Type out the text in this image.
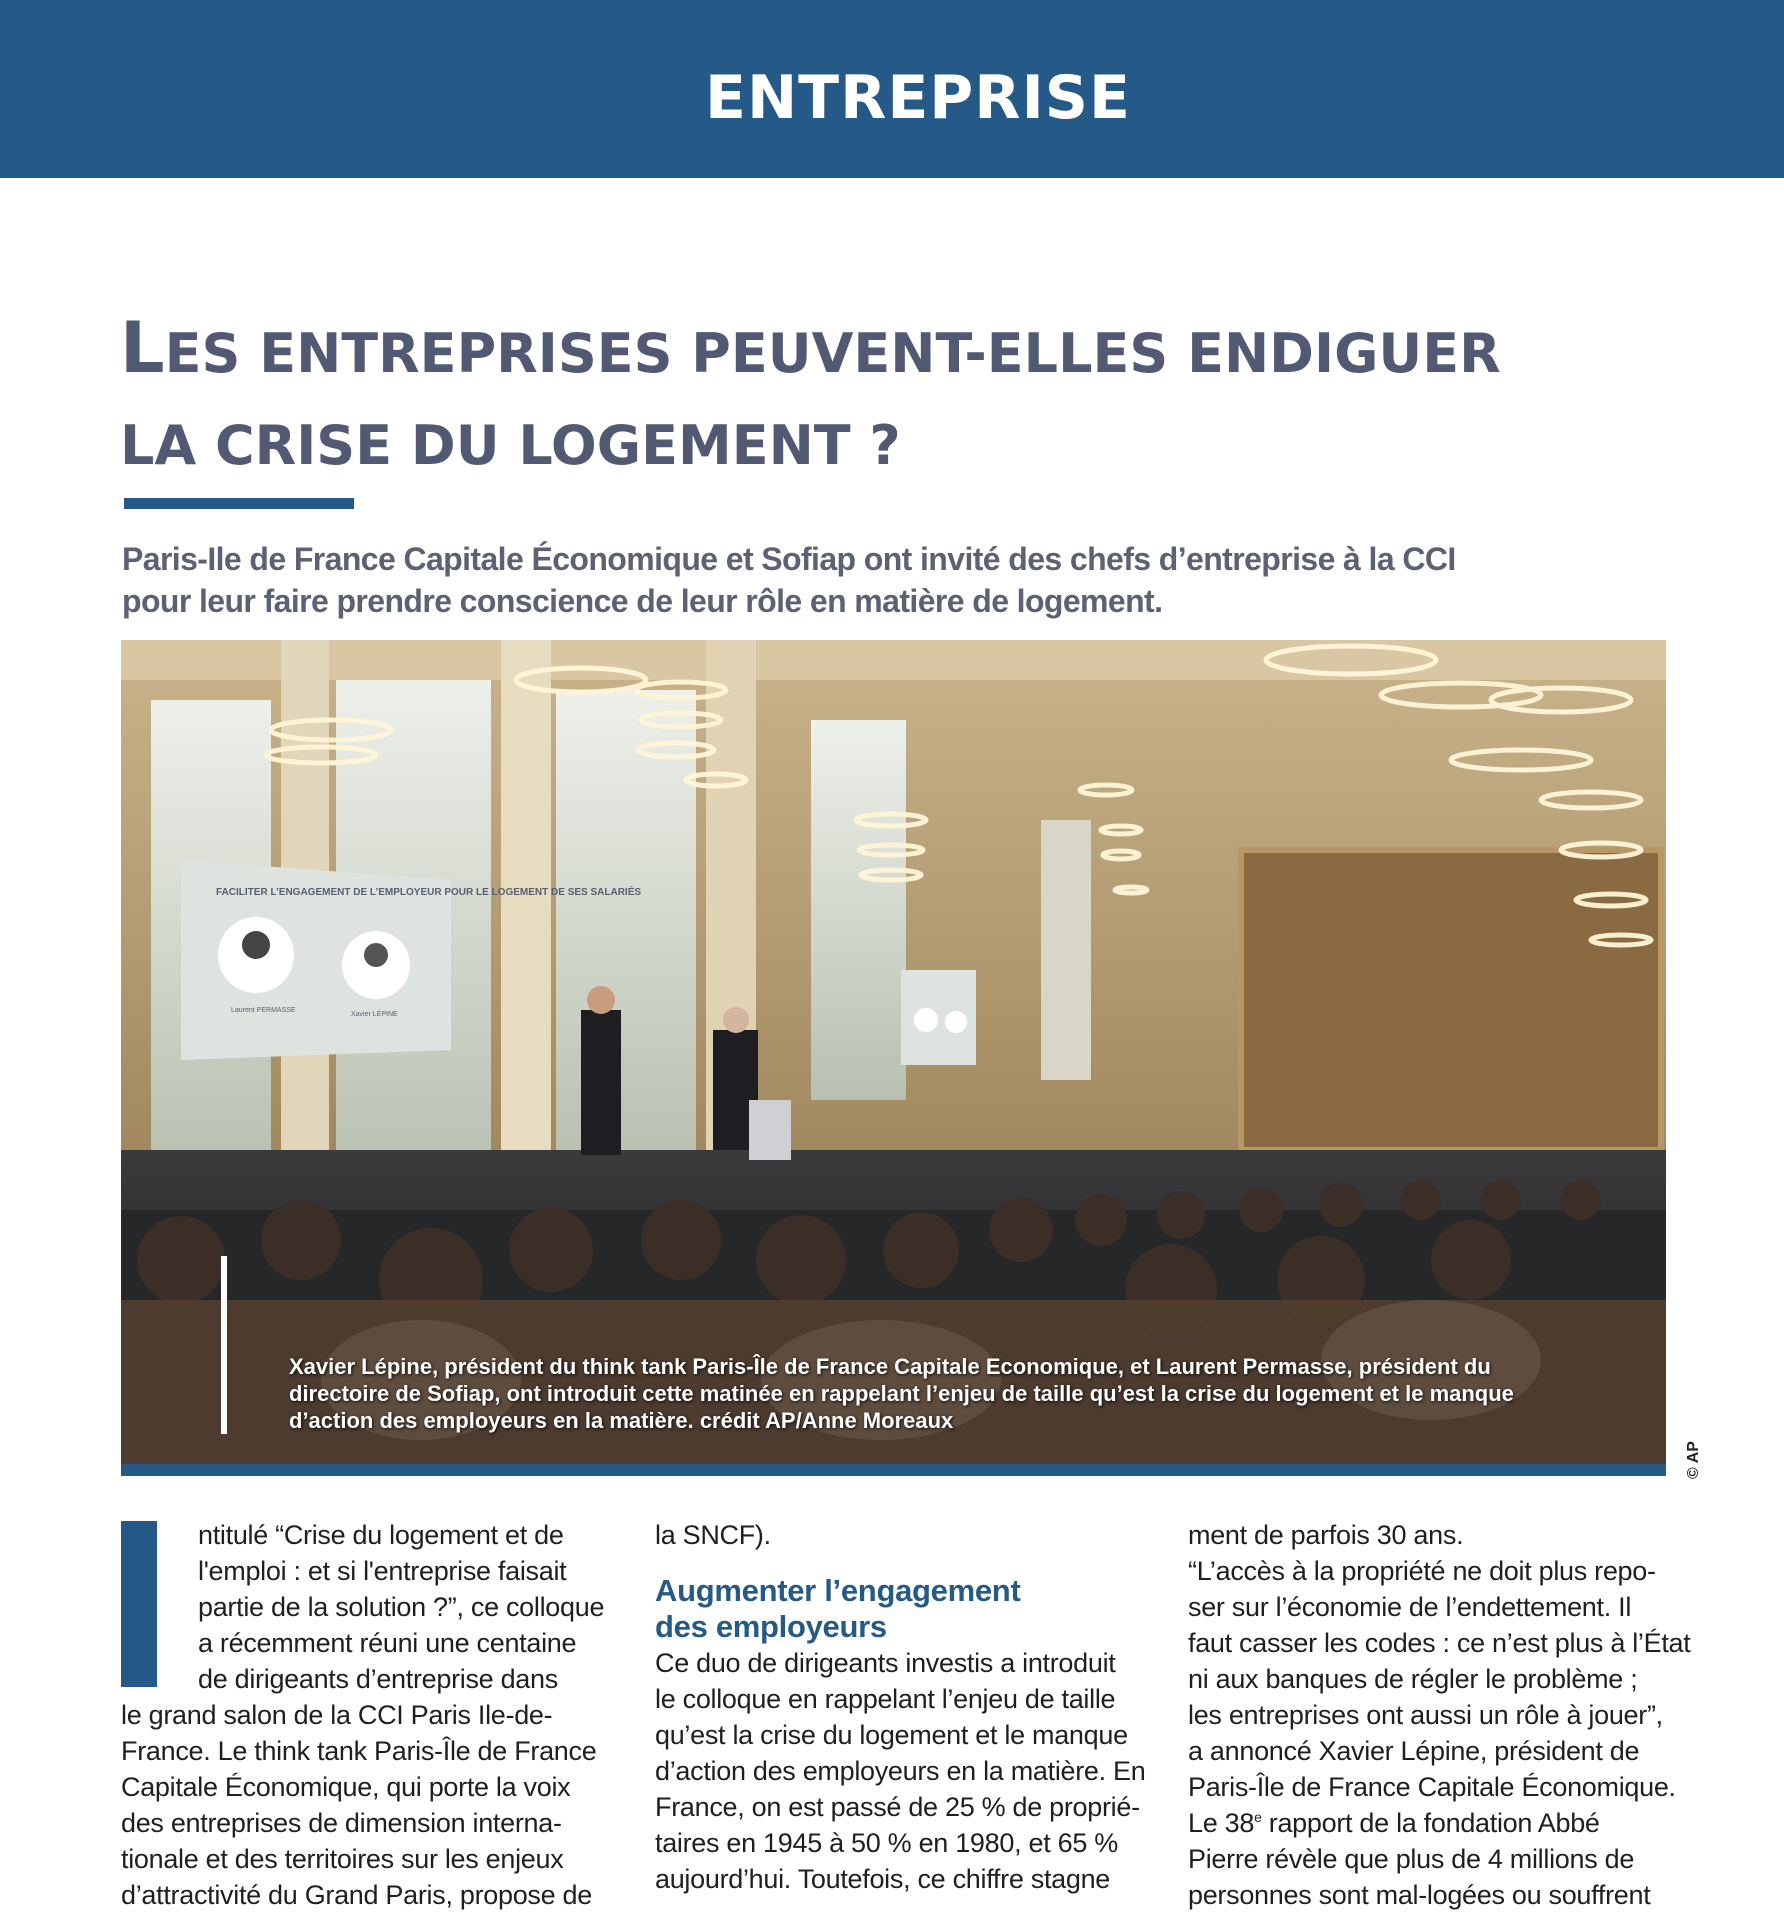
ENTREPRISE
LES ENTREPRISES PEUVENT-ELLES ENDIGUER
LA CRISE DU LOGEMENT ?

Paris-Ile de France Capitale Économique et Sofiap ont invité des chefs d’entreprise à la CCI

pour leur faire prendre conscience de leur rôle en matière de logement.

FACILITER L’ENGAGEMENT DE L’EMPLOYEUR POUR LE LOGEMENT DE SES SALARIÉS
Laurent PERMASSE
Xavier LÉPINE

Xavier Lépine, président du think tank Paris-Île de France Capitale Economique, et Laurent Permasse, président du

directoire de Sofiap, ont introduit cette matinée en rappelant l’enjeu de taille qu’est la crise du logement et le manque

d’action des employeurs en la matière. crédit AP/Anne Moreaux

© AP

ntitulé “Crise du logement et de

l'emploi : et si l'entreprise faisait

partie de la solution ?”, ce colloque

a récemment réuni une centaine

de dirigeants d’entreprise dans

le grand salon de la CCI Paris Ile-de-

France. Le think tank Paris-Île de France

Capitale Économique, qui porte la voix

des entreprises de dimension interna-

tionale et des territoires sur les enjeux

d’attractivité du Grand Paris, propose de

la SNCF).

Augmenter l’engagement

des employeurs

Ce duo de dirigeants investis a introduit

le colloque en rappelant l’enjeu de taille

qu’est la crise du logement et le manque

d’action des employeurs en la matière. En

France, on est passé de 25 % de proprié-

taires en 1945 à 50 % en 1980, et 65 %

aujourd’hui. Toutefois, ce chiffre stagne

ment de parfois 30 ans.

“L’accès à la propriété ne doit plus repo-

ser sur l’économie de l’endettement. Il

faut casser les codes : ce n’est plus à l’État

ni aux banques de régler le problème ;

les entreprises ont aussi un rôle à jouer”,

a annoncé Xavier Lépine, président de

Paris-Île de France Capitale Économique.

Le 38e rapport de la fondation Abbé

Pierre révèle que plus de 4 millions de

personnes sont mal-logées ou souffrent
